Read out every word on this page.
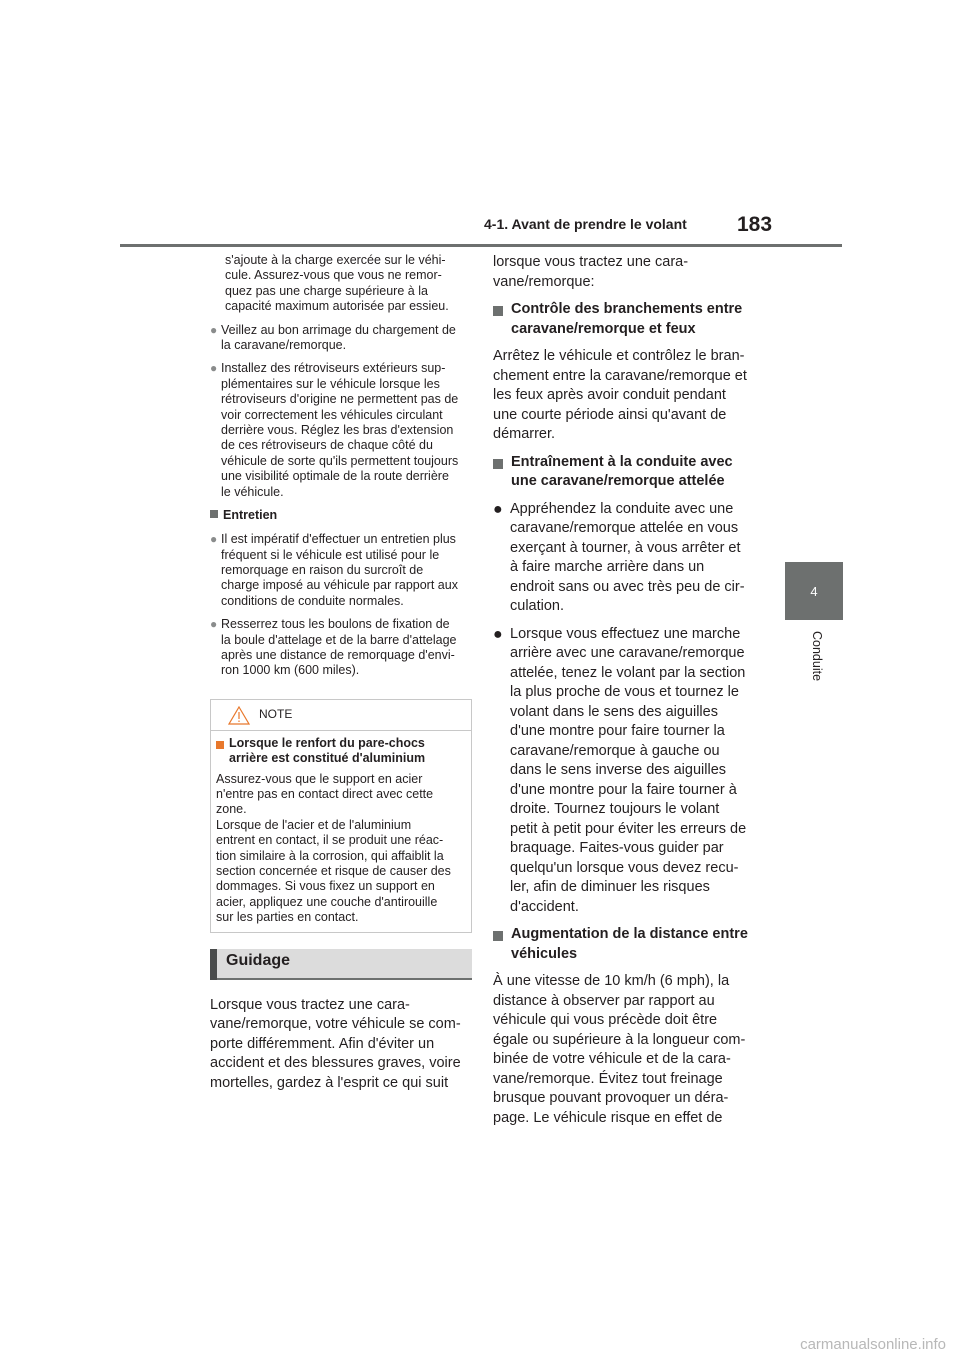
4-1. Avant de prendre le volant 183
4
Conduite
s'ajoute à la charge exercée sur le véhi-
cule. Assurez-vous que vous ne remor-
quez pas une charge supérieure à la
capacité maximum autorisée par essieu.
● Veillez au bon arrimage du chargement de
la caravane/remorque.
● Installez des rétroviseurs extérieurs sup-
plémentaires sur le véhicule lorsque les
rétroviseurs d'origine ne permettent pas de
voir correctement les véhicules circulant
derrière vous. Réglez les bras d'extension
de ces rétroviseurs de chaque côté du
véhicule de sorte qu'ils permettent toujours
une visibilité optimale de la route derrière
le véhicule.
Entretien
● Il est impératif d'effectuer un entretien plus
fréquent si le véhicule est utilisé pour le
remorquage en raison du surcroît de
charge imposé au véhicule par rapport aux
conditions de conduite normales.
● Resserrez tous les boulons de fixation de
la boule d'attelage et de la barre d'attelage
après une distance de remorquage d'envi-
ron 1000 km (600 miles).
NOTE
Lorsque le renfort du pare-chocs
arrière est constitué d'aluminium
Assurez-vous que le support en acier
n'entre pas en contact direct avec cette
zone.
Lorsque de l'acier et de l'aluminium
entrent en contact, il se produit une réac-
tion similaire à la corrosion, qui affaiblit la
section concernée et risque de causer des
dommages. Si vous fixez un support en
acier, appliquez une couche d'antirouille
sur les parties en contact.
Guidage
Lorsque vous tractez une cara-
vane/remorque, votre véhicule se com-
porte différemment. Afin d'éviter un
accident et des blessures graves, voire
mortelles, gardez à l'esprit ce qui suit
lorsque vous tractez une cara-
vane/remorque:
Contrôle des branchements entre
caravane/remorque et feux
Arrêtez le véhicule et contrôlez le bran-
chement entre la caravane/remorque et
les feux après avoir conduit pendant
une courte période ainsi qu'avant de
démarrer.
Entraînement à la conduite avec
une caravane/remorque attelée
● Appréhendez la conduite avec une
caravane/remorque attelée en vous
exerçant à tourner, à vous arrêter et
à faire marche arrière dans un
endroit sans ou avec très peu de cir-
culation.
● Lorsque vous effectuez une marche
arrière avec une caravane/remorque
attelée, tenez le volant par la section
la plus proche de vous et tournez le
volant dans le sens des aiguilles
d'une montre pour faire tourner la
caravane/remorque à gauche ou
dans le sens inverse des aiguilles
d'une montre pour la faire tourner à
droite. Tournez toujours le volant
petit à petit pour éviter les erreurs de
braquage. Faites-vous guider par
quelqu'un lorsque vous devez recu-
ler, afin de diminuer les risques
d'accident.
Augmentation de la distance entre
véhicules
À une vitesse de 10 km/h (6 mph), la
distance à observer par rapport au
véhicule qui vous précède doit être
égale ou supérieure à la longueur com-
binée de votre véhicule et de la cara-
vane/remorque. Évitez tout freinage
brusque pouvant provoquer un déra-
page. Le véhicule risque en effet de
carmanualsonline.info
